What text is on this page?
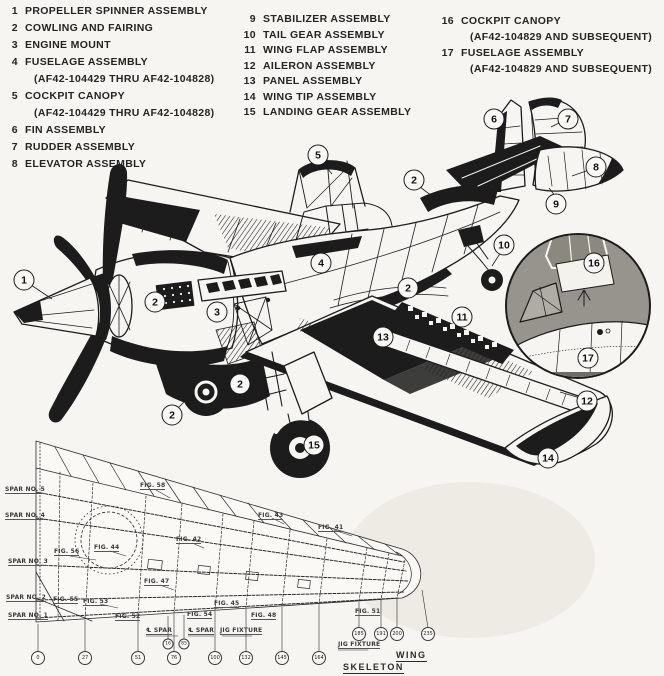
1 PROPELLER SPINNER ASSEMBLY
2 COWLING AND FAIRING
3 ENGINE MOUNT
4 FUSELAGE ASSEMBLY
(AF42-104429 THRU AF42-104828)
5 COCKPIT CANOPY
(AF42-104429 THRU AF42-104828)
6 FIN ASSEMBLY
7 RUDDER ASSEMBLY
8 ELEVATOR ASSEMBLY
9 STABILIZER ASSEMBLY
10 TAIL GEAR ASSEMBLY
11 WING FLAP ASSEMBLY
12 AILERON ASSEMBLY
13 PANEL ASSEMBLY
14 WING TIP ASSEMBLY
15 LANDING GEAR ASSEMBLY
16 COCKPIT CANOPY
(AF42-104829 AND SUBSEQUENT)
17 FUSELAGE ASSEMBLY
(AF42-104829 AND SUBSEQUENT)
1
2
3
4
5
2
6	7
8
9
10
2
11
13
2
2
15
12
14
16
17
SPAR NO. 5
SPAR NO. 4
SPAR NO. 3
SPAR NO. 2
SPAR NO. 1
FIG. 58
FIG. 43
FIG. 41
FIG. 56
FIG. 44
FIG. 42
FIG. 47
FIG. 55 FIG. 53
FIG. 52	FIG. 54
FIG. 45
FIG. 48
FIG. 51
℄ SPAR	℄ SPAR JIG FIXTURE
JIG FIXTURE
0	27	51	76
16 85
100	132	145	164
185 191 200	235
WING
SKELETON
